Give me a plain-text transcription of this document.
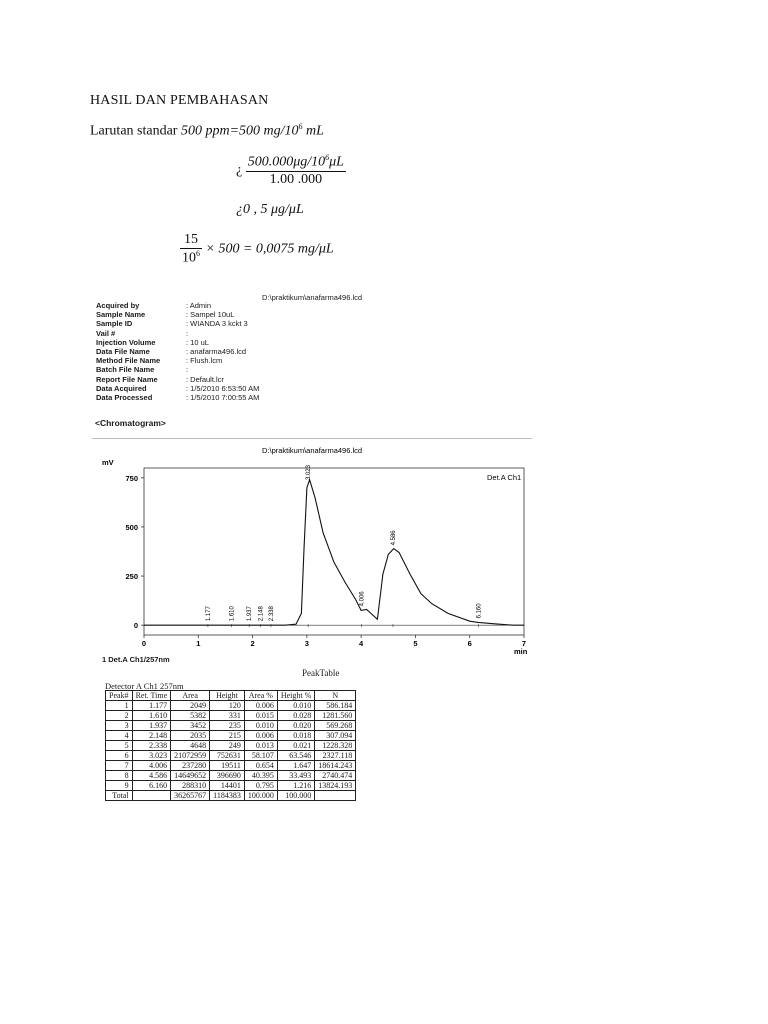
HASIL DAN PEMBAHASAN
Larutan standar 500 ppm=500 $mg/10^6$ mL
¿ $\frac{500.000\mu g/10^6\mu L}{1.00 .000}$
¿0 , 5 μg/μL
$\frac{15}{10^6} \times 500 = 0,0075$ mg/μL
D:\praktikum\anafarma496.lcd
Acquired by	: Admin
Sample Name	: Sampel 10uL
Sample ID	: WIANDA 3 kckt 3
Vail #	:
Injection Volume	: 10 uL
Data File Name	: anafarma496.lcd
Method File Name	: Flush.lcm
Batch File Name	:
Report File Name	: Default.lcr
Data Acquired	: 1/5/2010 6:53:50 AM
Data Processed	: 1/5/2010 7:00:55 AM
<Chromatogram>
D:\praktikum\anafarma496.lcd
mV
min
Det.A Ch1
0
250
500
750
0	1	2	3	4	5	6	7
1.177	1.610 1.937 2.148 2.338
3.023
4.006
4.586
6.160
1 Det.A Ch1/257nm
PeakTable
Detector A Ch1 257nm
Peak#	Ret. Time	Area	Height	Area %	Height %	N
1	1.177	2049	120	0.006	0.010	586.184
2	1.610	5382	331	0.015	0.028	1281.560
3	1.937	3452	235	0.010	0.020	569.268
4	2.148	2035	215	0.006	0.018	307.094
5	2.338	4648	249	0.013	0.021	1228.328
6	3.023	21072959	752631	58.107	63.546	2327.118
7	4.006	237280	19511	0.654	1.647	18614.243
8	4.586	14649652	396690	40.395	33.493	2740.474
9	6.160	288310	14401	0.795	1.216	13824.193
Total		36265767	1184383	100.000	100.000	
